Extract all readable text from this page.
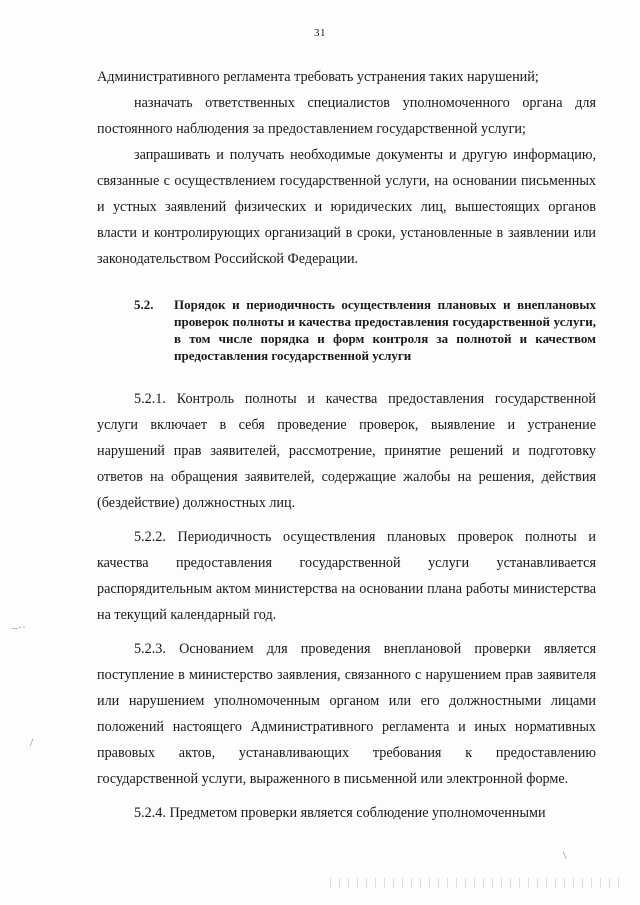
31
Административного регламента требовать устранения таких нарушений;
назначать ответственных специалистов уполномоченного органа для постоянного наблюдения за предоставлением государственной услуги;
запрашивать и получать необходимые документы и другую информацию, связанные с осуществлением государственной услуги, на основании письменных и устных заявлений физических и юридических лиц, вышестоящих органов власти и контролирующих организаций в сроки, установленные в заявлении или законодательством Российской Федерации.
5.2.	Порядок и периодичность осуществления плановых и внеплановых проверок полноты и качества предоставления государственной услуги, в том числе порядка и форм контроля за полнотой и качеством предоставления государственной услуги
5.2.1. Контроль полноты и качества предоставления государственной услуги включает в себя проведение проверок, выявление и устранение нарушений прав заявителей, рассмотрение, принятие решений и подготовку ответов на обращения заявителей, содержащие жалобы на решения, действия (бездействие) должностных лиц.
5.2.2. Периодичность осуществления плановых проверок полноты и качества предоставления государственной услуги устанавливается распорядительным актом министерства на основании плана работы министерства на текущий календарный год.
5.2.3. Основанием для проведения внеплановой проверки является поступление в министерство заявления, связанного с нарушением прав заявителя или нарушением уполномоченным органом или его должностными лицами положений настоящего Административного регламента и иных нормативных правовых актов, устанавливающих требования к предоставлению государственной услуги, выраженного в письменной или электронной форме.
5.2.4. Предметом проверки является соблюдение уполномоченными
–··
/
\
